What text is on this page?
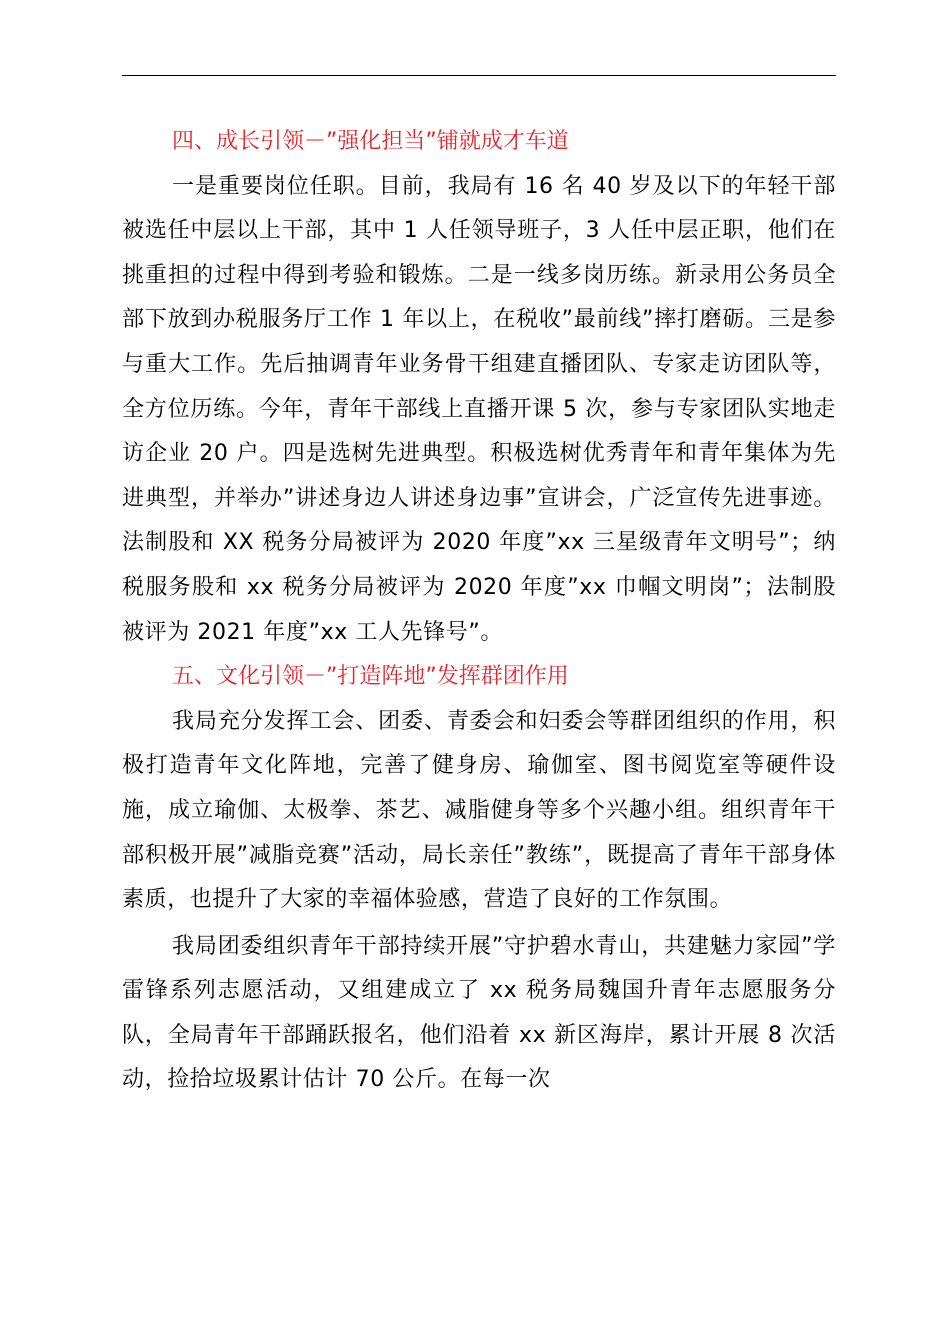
四、成长引领－”强化担当”铺就成才车道

一是重要岗位任职。目前，我局有 16 名 40 岁及以下的年轻干部被选任中层以上干部，其中 1 人任领导班子，3 人任中层正职，他们在挑重担的过程中得到考验和锻炼。二是一线多岗历练。新录用公务员全部下放到办税服务厅工作 1 年以上，在税收”最前线”摔打磨砺。三是参与重大工作。先后抽调青年业务骨干组建直播团队、专家走访团队等，全方位历练。今年，青年干部线上直播开课 5 次，参与专家团队实地走访企业 20 户。四是选树先进典型。积极选树优秀青年和青年集体为先进典型，并举办”讲述身边人讲述身边事”宣讲会，广泛宣传先进事迹。法制股和 XX 税务分局被评为 2020 年度”xx 三星级青年文明号”；纳税服务股和 xx 税务分局被评为 2020 年度”xx 巾帼文明岗”；法制股被评为 2021 年度”xx 工人先锋号”。

五、文化引领－”打造阵地”发挥群团作用

我局充分发挥工会、团委、青委会和妇委会等群团组织的作用，积极打造青年文化阵地，完善了健身房、瑜伽室、图书阅览室等硬件设施，成立瑜伽、太极拳、茶艺、减脂健身等多个兴趣小组。组织青年干部积极开展”减脂竞赛”活动，局长亲任”教练”，既提高了青年干部身体素质，也提升了大家的幸福体验感，营造了良好的工作氛围。

我局团委组织青年干部持续开展”守护碧水青山，共建魅力家园”学雷锋系列志愿活动，又组建成立了 xx 税务局魏国升青年志愿服务分队，全局青年干部踊跃报名，他们沿着 xx 新区海岸，累计开展 8 次活动，捡拾垃圾累计估计 70 公斤。在每一次
